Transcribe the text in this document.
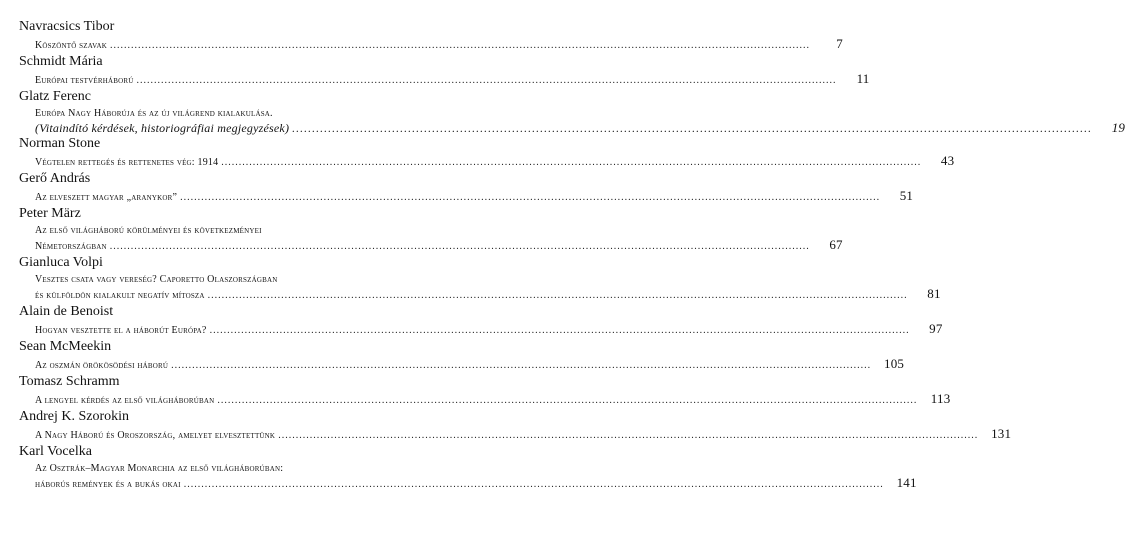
Navracsics Tibor
Köszöntő szavak ........................................................................................................................................................................................................	7
Schmidt Mária
Európai testvérháború ........................................................................................................................................................................................................	11
Glatz Ferenc
Európa Nagy Háborúja és az új világrend kialakulása.
(Vitaindító kérdések, historiográfiai megjegyzések) ........................................................................................................................................................................................................	19
Norman Stone
Végtelen rettegés és rettenetes vég: 1914 ........................................................................................................................................................................................................	43
Gerő András
Az elveszett magyar „aranykor” ........................................................................................................................................................................................................	51
Peter März
Az első világháború körülményei és következményei
Németországban ........................................................................................................................................................................................................	67
Gianluca Volpi
Vesztes csata vagy vereség? Caporetto Olaszországban
és külföldön kialakult negatív mítosza ........................................................................................................................................................................................................	81
Alain de Benoist
Hogyan vesztette el a háborút Európa? ........................................................................................................................................................................................................	97
Sean McMeekin
Az oszmán örökösödési háború ........................................................................................................................................................................................................ 105
Tomasz Schramm
A lengyel kérdés az első világháborúban ........................................................................................................................................................................................................	113
Andrej K. Szorokin
A Nagy Háború és Oroszország, amelyet elvesztettünk ........................................................................................................................................................................................................ 131
Karl Vocelka
Az Osztrák–Magyar Monarchia az első világháborúban:
háborús remények és a bukás okai ........................................................................................................................................................................................................ 141
